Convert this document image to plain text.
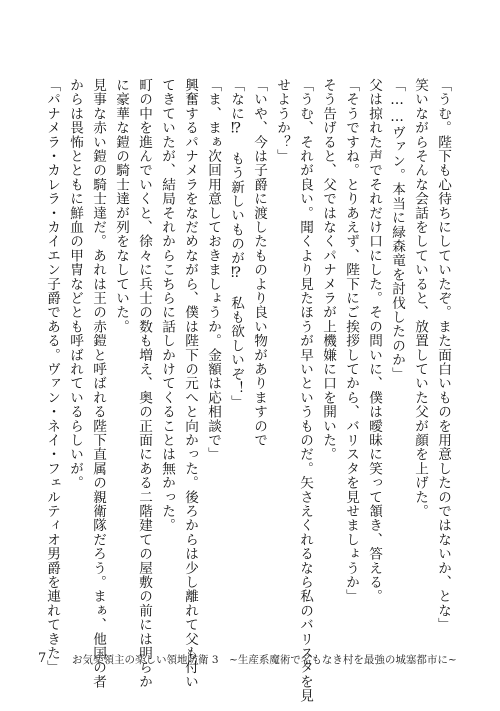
「うむ。陛下も心待ちにしていたぞ。また面白いものを用意したのではないか、とな」
笑いながらそんな会話をしていると、放置していた父が顔を上げた。
「……ヴァン。本当に緑森竜を討伐したのか」
父は掠れた声でそれだけ口にした。その問いに、僕は曖昧に笑って頷き、答える。
「そうですね。とりあえず、陛下にご挨拶してから、バリスタを見せましょうか」
そう告げると、父ではなくパナメラが上機嫌に口を開いた。
「うむ、それが良い。聞くより見たほうが早いというものだ。矢さえくれるなら私のバリスタを見
せようか？」
「いや、今は子爵に渡したものより良い物がありますので
「なに⁉　もう新しいものが⁉　私も欲しいぞ！」
「ま、まぁ次回用意しておきましょうか。金額は応相談で」
興奮するパナメラをなだめながら、僕は陛下の元へと向かった。後ろからは少し離れて父も付い
てきていたが、結局それからこちらに話しかけてくることは無かった。
町の中を進んでいくと、徐々に兵士の数も増え、奥の正面にある二階建ての屋敷の前には明らか
に豪華な鎧の騎士達が列をなしていた。
見事な赤い鎧の騎士達だ。あれは王の赤鎧と呼ばれる陛下直属の親衛隊だろう。まぁ、他国の者
からは畏怖とともに鮮血の甲冑などとも呼ばれているらしいが。
「パナメラ・カレラ・カイエン子爵である。ヴァン・ネイ・フェルティオ男爵を連れてきた」
7 お気楽領主の楽しい領地防衛 3　~生産系魔術で名もなき村を最強の城塞都市に~
